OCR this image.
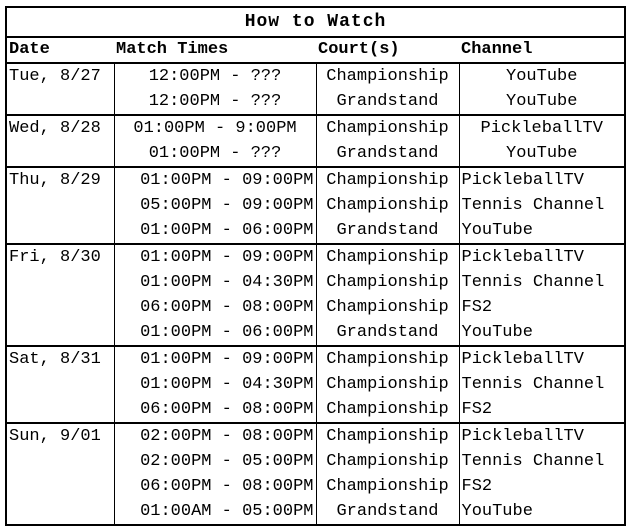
How to Watch			
Date	Match Times	Court(s)	Channel
Tue, 8/27	12:00PM - ???	Championship	YouTube
	12:00PM - ???	Grandstand	YouTube
Wed, 8/28	01:00PM - 9:00PM	Championship	PickleballTV
	01:00PM - ???	Grandstand	YouTube
Thu, 8/29	01:00PM - 09:00PM	Championship	PickleballTV
	05:00PM - 09:00PM	Championship	Tennis Channel
	01:00PM - 06:00PM	Grandstand	YouTube
Fri, 8/30	01:00PM - 09:00PM	Championship	PickleballTV
	01:00PM - 04:30PM	Championship	Tennis Channel
	06:00PM - 08:00PM	Championship	FS2
	01:00PM - 06:00PM	Grandstand	YouTube
Sat, 8/31	01:00PM - 09:00PM	Championship	PickleballTV
	01:00PM - 04:30PM	Championship	Tennis Channel
	06:00PM - 08:00PM	Championship	FS2
Sun, 9/01	02:00PM - 08:00PM	Championship	PickleballTV
	02:00PM - 05:00PM	Championship	Tennis Channel
	06:00PM - 08:00PM	Championship	FS2
	01:00AM - 05:00PM	Grandstand	YouTube
